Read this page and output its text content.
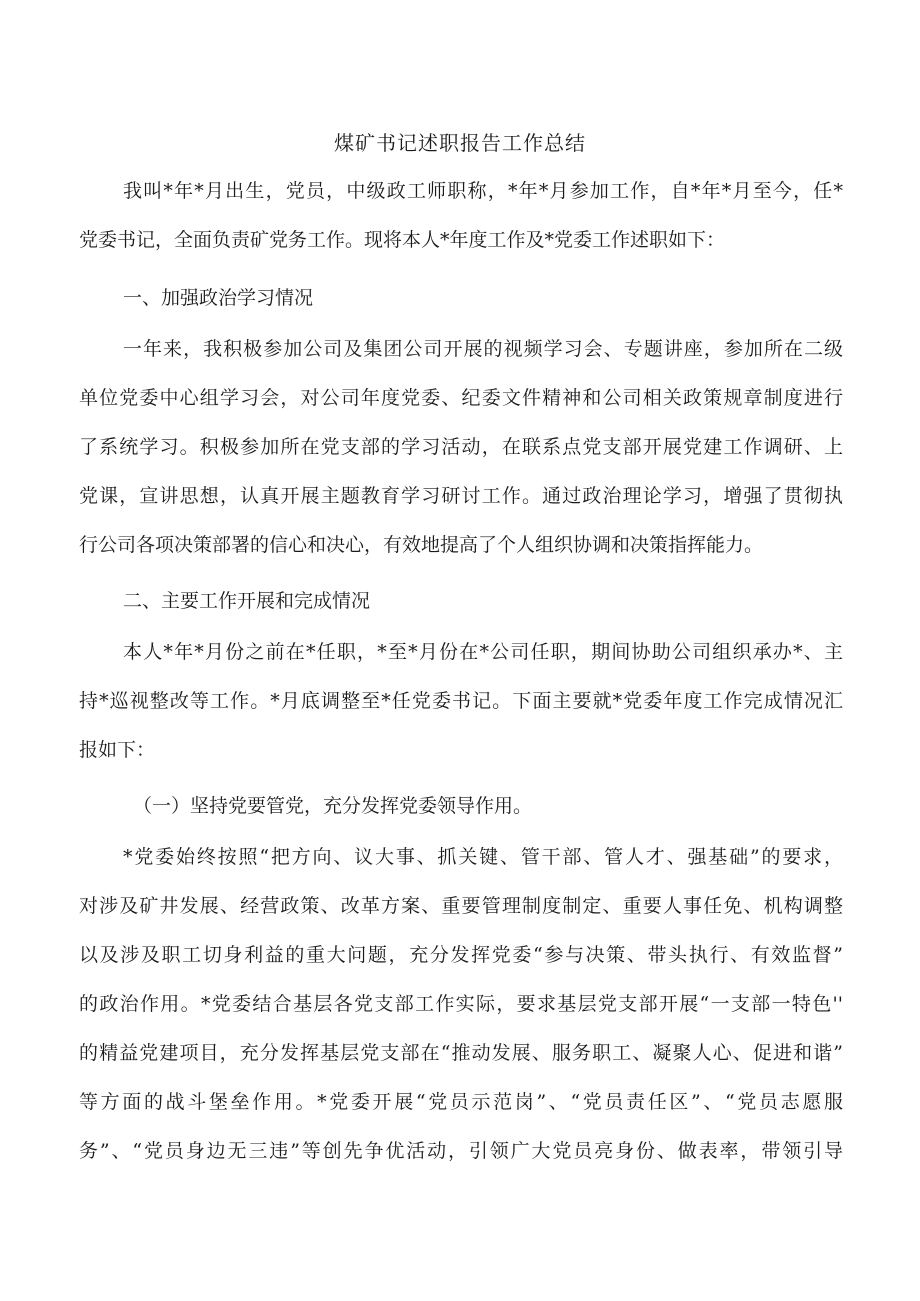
煤矿书记述职报告工作总结
我叫*年*月出生，党员，中级政工师职称，*年*月参加工作，自*年*月至今，任*
党委书记，全面负责矿党务工作。现将本人*年度工作及*党委工作述职如下：
一、加强政治学习情况
一年来，我积极参加公司及集团公司开展的视频学习会、专题讲座，参加所在二级
单位党委中心组学习会，对公司年度党委、纪委文件精神和公司相关政策规章制度进行
了系统学习。积极参加所在党支部的学习活动，在联系点党支部开展党建工作调研、上
党课，宣讲思想，认真开展主题教育学习研讨工作。通过政治理论学习，增强了贯彻执
行公司各项决策部署的信心和决心，有效地提高了个人组织协调和决策指挥能力。
二、主要工作开展和完成情况
本人*年*月份之前在*任职，*至*月份在*公司任职，期间协助公司组织承办*、主
持*巡视整改等工作。*月底调整至*任党委书记。下面主要就*党委年度工作完成情况汇
报如下：
（一）坚持党要管党，充分发挥党委领导作用。
*党委始终按照“把方向、议大事、抓关键、管干部、管人才、强基础”的要求，
对涉及矿井发展、经营政策、改革方案、重要管理制度制定、重要人事任免、机构调整
以及涉及职工切身利益的重大问题，充分发挥党委“参与决策、带头执行、有效监督”
的政治作用。*党委结合基层各党支部工作实际，要求基层党支部开展“一支部一特色''
的精益党建项目，充分发挥基层党支部在“推动发展、服务职工、凝聚人心、促进和谐”
等方面的战斗堡垒作用。*党委开展“党员示范岗”、“党员责任区”、“党员志愿服
务”、“党员身边无三违”等创先争优活动，引领广大党员亮身份、做表率，带领引导
